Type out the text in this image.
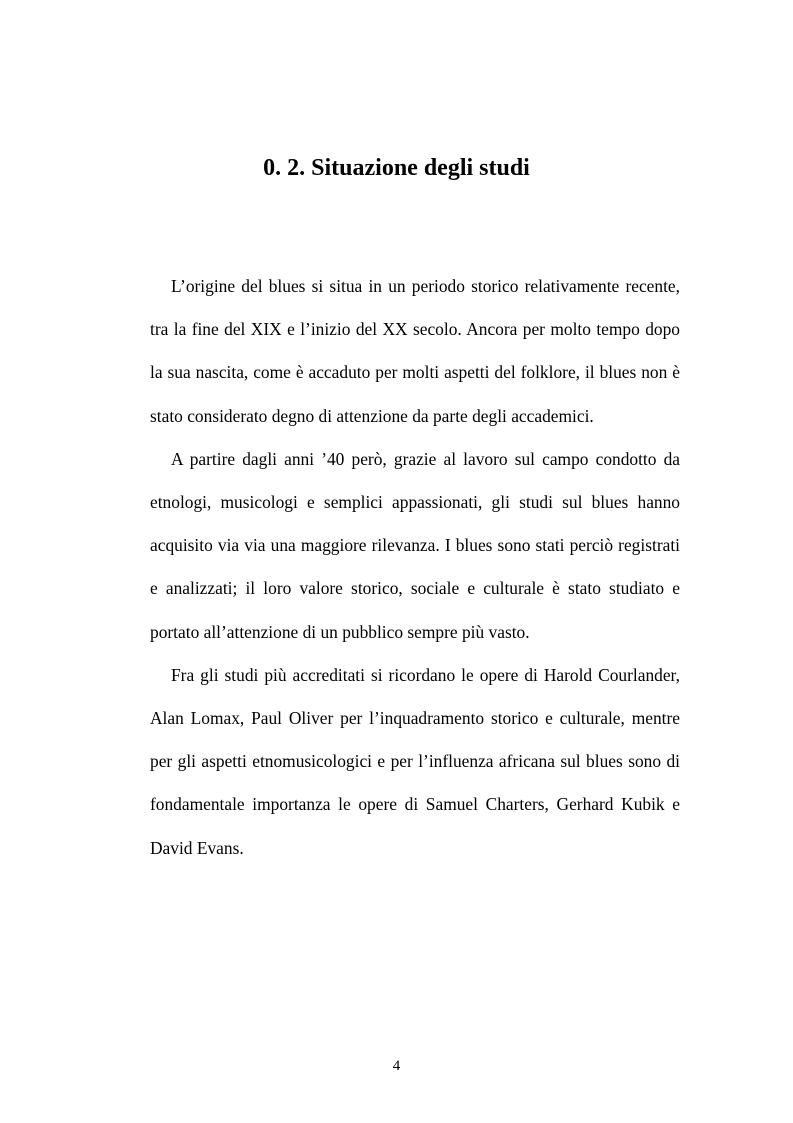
0. 2. Situazione degli studi

L’origine del blues si situa in un periodo storico relativamente recente, tra la fine del XIX e l’inizio del XX secolo. Ancora per molto tempo dopo la sua nascita, come è accaduto per molti aspetti del folklore, il blues non è stato considerato degno di attenzione da parte degli accademici.

A partire dagli anni ’40 però, grazie al lavoro sul campo condotto da etnologi, musicologi e semplici appassionati, gli studi sul blues hanno acquisito via via una maggiore rilevanza. I blues sono stati perciò registrati e analizzati; il loro valore storico, sociale e culturale è stato studiato e portato all’attenzione di un pubblico sempre più vasto.

Fra gli studi più accreditati si ricordano le opere di Harold Courlander, Alan Lomax, Paul Oliver per l’inquadramento storico e culturale, mentre per gli aspetti etnomusicologici e per l’influenza africana sul blues sono di fondamentale importanza le opere di Samuel Charters, Gerhard Kubik e David Evans.

4
